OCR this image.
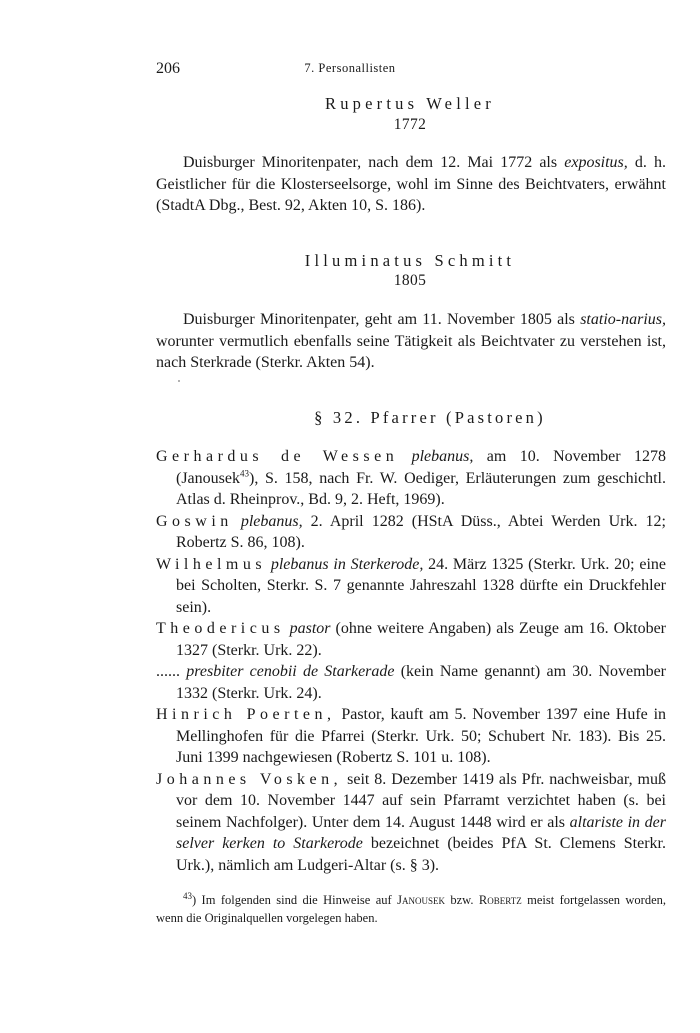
206	7. Personallisten
Rupertus Weller
1772

Duisburger Minoritenpater, nach dem 12. Mai 1772 als expositus, d. h. Geistlicher für die Klosterseelsorge, wohl im Sinne des Beichtvaters, erwähnt (StadtA Dbg., Best. 92, Akten 10, S. 186).

Illuminatus Schmitt
1805

Duisburger Minoritenpater, geht am 11. November 1805 als statio-narius, worunter vermutlich ebenfalls seine Tätigkeit als Beichtvater zu verstehen ist, nach Sterkrade (Sterkr. Akten 54).

§ 32. Pfarrer (Pastoren)

Gerhardus de Wessen plebanus, am 10. November 1278 (Janousek$^{43}$), S. 158, nach Fr. W. Oediger, Erläuterungen zum geschichtl. Atlas d. Rheinprov., Bd. 9, 2. Heft, 1969).

Goswin plebanus, 2. April 1282 (HStA Düss., Abtei Werden Urk. 12; Robertz S. 86, 108).

Wilhelmus plebanus in Sterkerode, 24. März 1325 (Sterkr. Urk. 20; eine bei Scholten, Sterkr. S. 7 genannte Jahreszahl 1328 dürfte ein Druckfehler sein).

Theodericus pastor (ohne weitere Angaben) als Zeuge am 16. Oktober 1327 (Sterkr. Urk. 22).

...... presbiter cenobii de Starkerade (kein Name genannt) am 30. November 1332 (Sterkr. Urk. 24).

Hinrich Poerten, Pastor, kauft am 5. November 1397 eine Hufe in Mellinghofen für die Pfarrei (Sterkr. Urk. 50; Schubert Nr. 183). Bis 25. Juni 1399 nachgewiesen (Robertz S. 101 u. 108).

Johannes Vosken, seit 8. Dezember 1419 als Pfr. nachweisbar, muß vor dem 10. November 1447 auf sein Pfarramt verzichtet haben (s. bei seinem Nachfolger). Unter dem 14. August 1448 wird er als altariste in der selver kerken to Starkerode bezeichnet (beides PfA St. Clemens Sterkr. Urk.), nämlich am Ludgeri-Altar (s. § 3).

$^{43}$) Im folgenden sind die Hinweise auf Janousek bzw. Robertz meist fortgelassen worden, wenn die Originalquellen vorgelegen haben.
